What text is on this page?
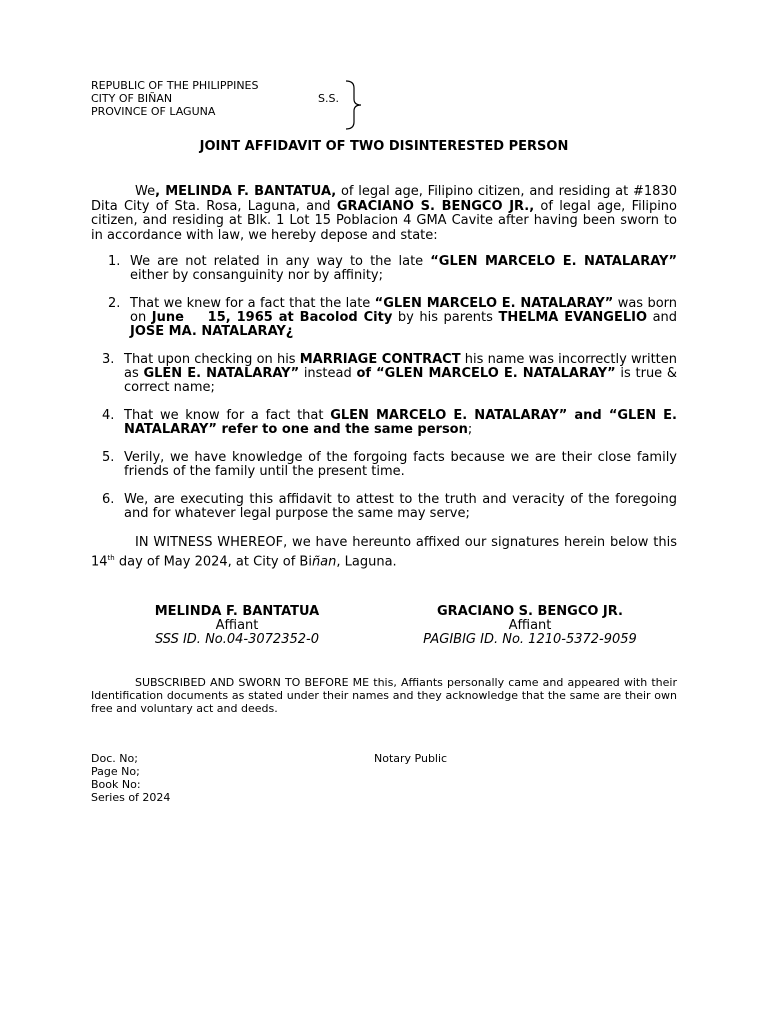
REPUBLIC OF THE PHILIPPINES
CITY OF BIÑAN
PROVINCE OF LAGUNA
S.S.
JOINT AFFIDAVIT OF TWO DISINTERESTED PERSON
We, MELINDA F. BANTATUA, of legal age, Filipino citizen, and residing at #1830 Dita City of Sta. Rosa, Laguna, and GRACIANO S. BENGCO JR., of legal age, Filipino citizen, and residing at Blk. 1 Lot 15 Poblacion 4 GMA Cavite after having been sworn to in accordance with law, we hereby depose and state:
1. We are not related in any way to the late “GLEN MARCELO E. NATALARAY” either by consanguinity nor by affinity;
2. That we knew for a fact that the late “GLEN MARCELO E. NATALARAY” was born on June    15, 1965 at Bacolod City by his parents THELMA EVANGELIO and JOSE MA. NATALARAY¿
3. That upon checking on his MARRIAGE CONTRACT his name was incorrectly written as GLEN E. NATALARAY” instead of “GLEN MARCELO E. NATALARAY” is true & correct name;
4. That we know for a fact that GLEN MARCELO E. NATALARAY” and “GLEN E. NATALARAY” refer to one and the same person;
5. Verily, we have knowledge of the forgoing facts because we are their close family friends of the family until the present time.
6. We, are executing this affidavit to attest to the truth and veracity of the foregoing and for whatever legal purpose the same may serve;
IN WITNESS WHEREOF, we have hereunto affixed our signatures herein below this 14th day of May 2024, at City of Biñan, Laguna.
MELINDA F. BANTATUA
Affiant
SSS ID. No.04-3072352-0
GRACIANO S. BENGCO JR.
Affiant
PAGIBIG ID. No. 1210-5372-9059
SUBSCRIBED AND SWORN TO BEFORE ME this, Affiants personally came and appeared with their Identification documents as stated under their names and they acknowledge that the same are their own free and voluntary act and deeds.
Doc. No;
Page No;
Book No:
Series of 2024
Notary Public
